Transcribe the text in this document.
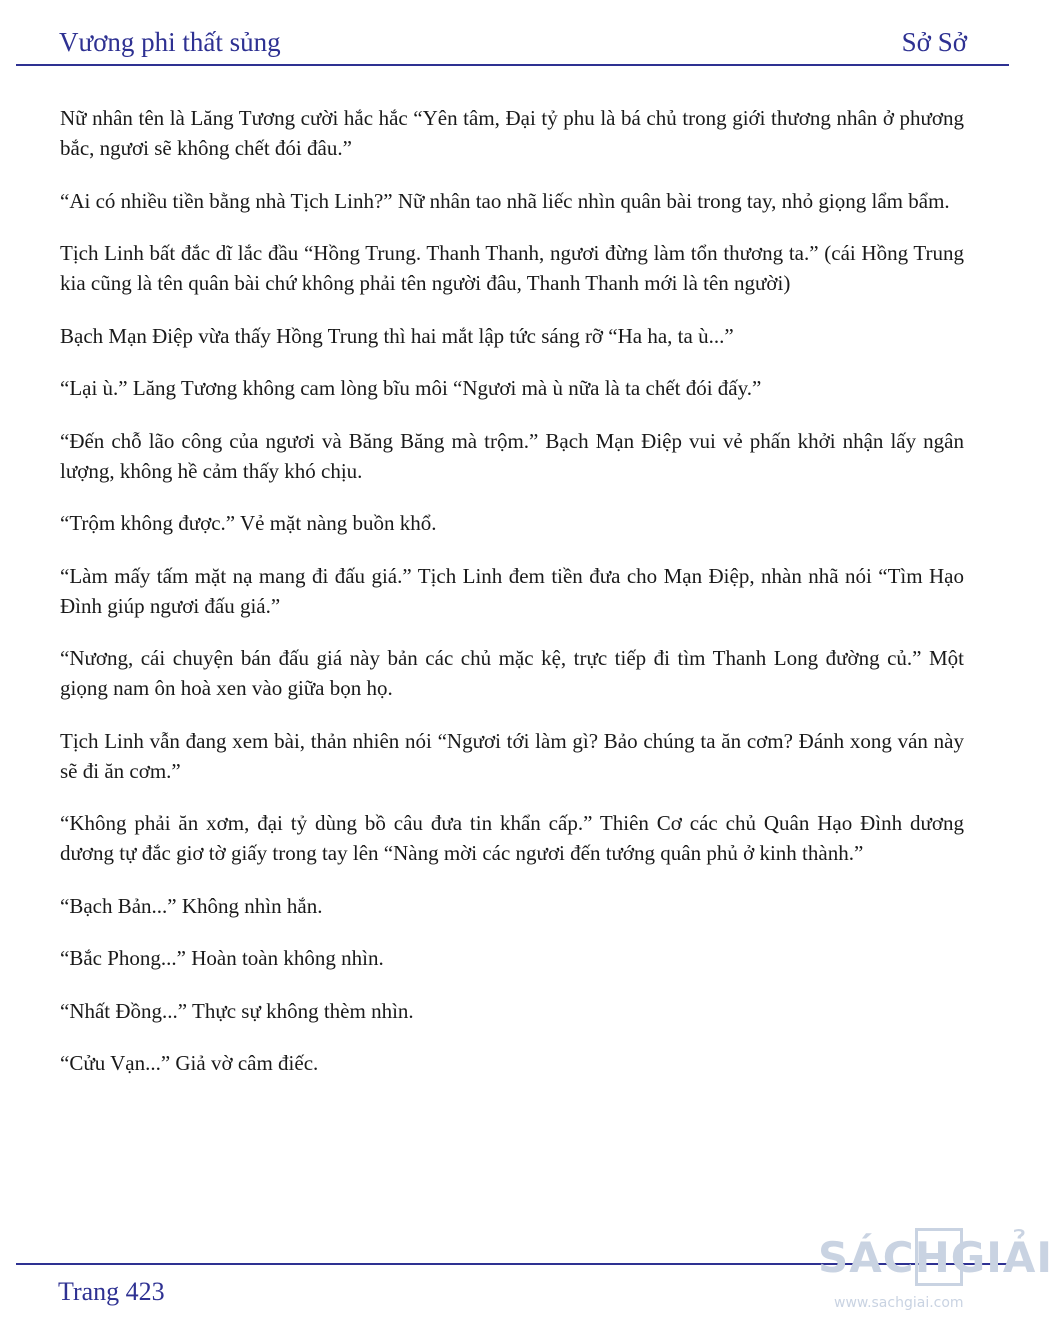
Vương phi thất sủng	Sở Sở

Nữ nhân tên là Lăng Tương cười hắc hắc “Yên tâm, Đại tỷ phu là bá chủ trong giới thương nhân ở phương bắc, ngươi sẽ không chết đói đâu.”

“Ai có nhiều tiền bằng nhà Tịch Linh?” Nữ nhân tao nhã liếc nhìn quân bài trong tay, nhỏ giọng lẩm bẩm.

Tịch Linh bất đắc dĩ lắc đầu “Hồng Trung. Thanh Thanh, ngươi đừng làm tổn thương ta.” (cái Hồng Trung kia cũng là tên quân bài chứ không phải tên người đâu, Thanh Thanh mới là tên người)

Bạch Mạn Điệp vừa thấy Hồng Trung thì hai mắt lập tức sáng rỡ “Ha ha, ta ù...”

“Lại ù.” Lăng Tương không cam lòng bĩu môi “Ngươi mà ù nữa là ta chết đói đấy.”

“Đến chỗ lão công của ngươi và Băng Băng mà trộm.” Bạch Mạn Điệp vui vẻ phấn khởi nhận lấy ngân lượng, không hề cảm thấy khó chịu.

“Trộm không được.” Vẻ mặt nàng buồn khổ.

“Làm mấy tấm mặt nạ mang đi đấu giá.” Tịch Linh đem tiền đưa cho Mạn Điệp, nhàn nhã nói “Tìm Hạo Đình giúp ngươi đấu giá.”

“Nương, cái chuyện bán đấu giá này bản các chủ mặc kệ, trực tiếp đi tìm Thanh Long đường củ.” Một giọng nam ôn hoà xen vào giữa bọn họ.

Tịch Linh vẫn đang xem bài, thản nhiên nói “Ngươi tới làm gì? Bảo chúng ta ăn cơm? Đánh xong ván này sẽ đi ăn cơm.”

“Không phải ăn xơm, đại tỷ dùng bồ câu đưa tin khẩn cấp.” Thiên Cơ các chủ Quân Hạo Đình dương dương tự đắc giơ tờ giấy trong tay lên “Nàng mời các ngươi đến tướng quân phủ ở kinh thành.”

“Bạch Bản...” Không nhìn hắn.

“Bắc Phong...” Hoàn toàn không nhìn.

“Nhất Đồng...” Thực sự không thèm nhìn.

“Cửu Vạn...” Giả vờ câm điếc.

Trang 423
SÁCHGIẢI
www.sachgiai.com
